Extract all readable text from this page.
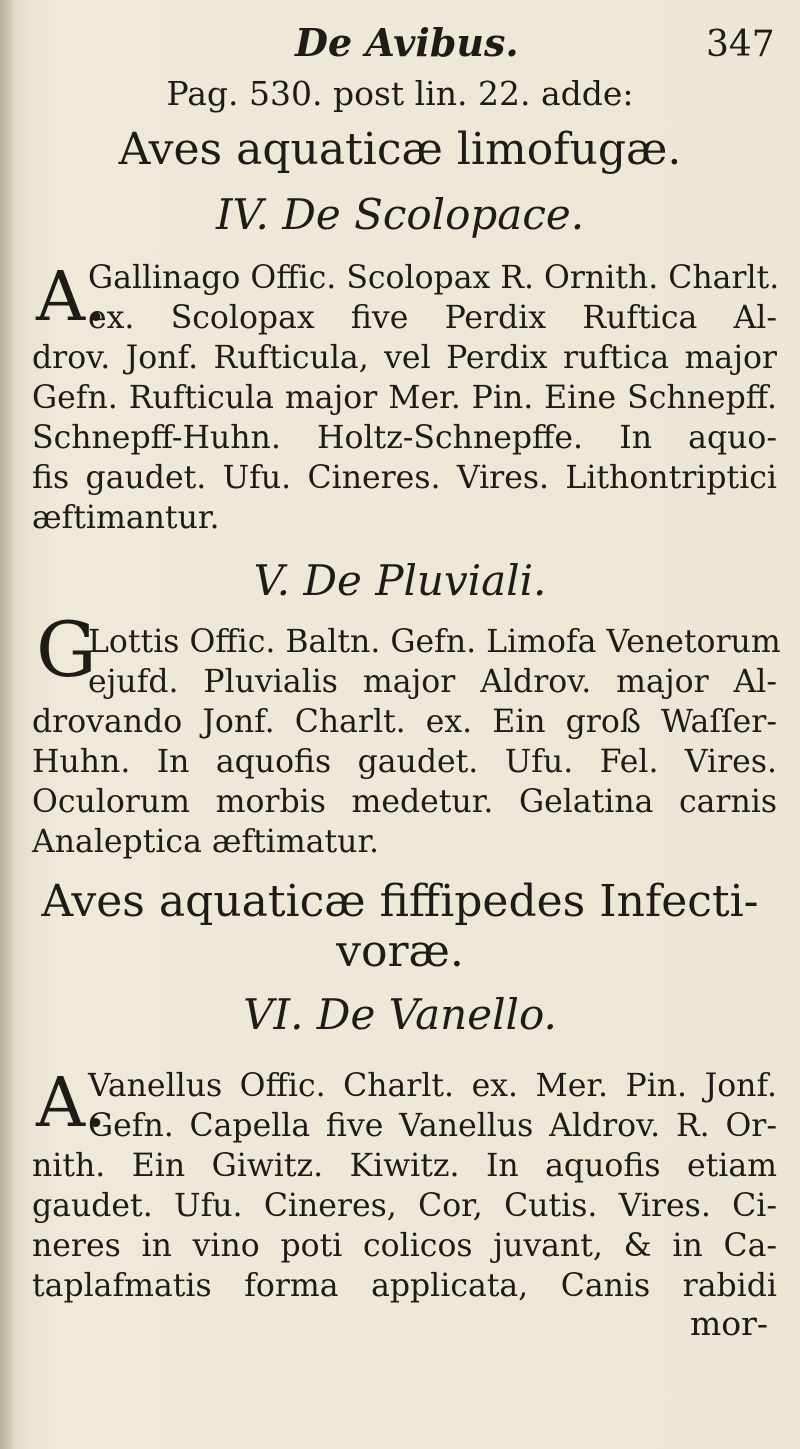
De Avibus.	347
Pag. 530. post lin. 22. adde:
Aves aquaticæ limofugæ.
IV. De Scolopace.
A.
Gallinago Offic. Scolopax R. Ornith. Charlt.
ex. Scolopax five Perdix Ruftica Al-
drov. Jonf. Rufticula, vel Perdix ruftica major
Gefn. Rufticula major Mer. Pin. Eine Schnepff.
Schnepff-Huhn. Holtz-Schnepffe. In aquo-
fis gaudet. Ufu. Cineres. Vires. Lithontriptici
æftimantur.
V. De Pluviali.
G
Lottis Offic. Baltn. Gefn. Limofa Venetorum
ejufd. Pluvialis major Aldrov. major Al-
drovando Jonf. Charlt. ex. Ein groß Waſſer-
Huhn. In aquofis gaudet. Ufu. Fel. Vires.
Oculorum morbis medetur. Gelatina carnis
Analeptica æftimatur.
Aves aquaticæ fiffipedes Infecti-
voræ.
VI. De Vanello.
A.
Vanellus Offic. Charlt. ex. Mer. Pin. Jonf.
Gefn. Capella five Vanellus Aldrov. R. Or-
nith. Ein Giwitz. Kiwitz. In aquofis etiam
gaudet. Ufu. Cineres, Cor, Cutis. Vires. Ci-
neres in vino poti colicos juvant, & in Ca-
taplafmatis forma applicata, Canis rabidi
mor-
